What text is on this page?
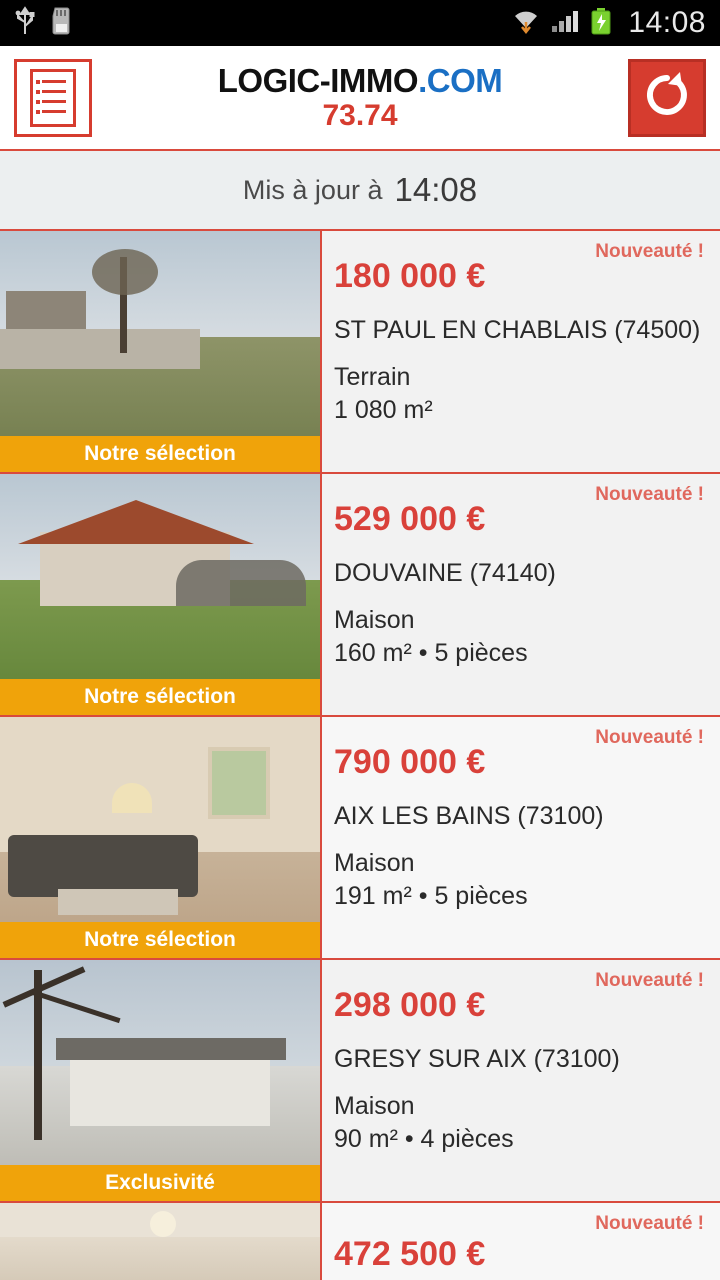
14:08
LOGIC-IMMO.COM
73.74
Mis à jour à 14:08
Notre sélection
Nouveauté !
180 000 €
ST PAUL EN CHABLAIS (74500)
Terrain
1 080 m²
Notre sélection
Nouveauté !
529 000 €
DOUVAINE (74140)
Maison
160 m² • 5 pièces
Notre sélection
Nouveauté !
790 000 €
AIX LES BAINS (73100)
Maison
191 m² • 5 pièces
Exclusivité
Nouveauté !
298 000 €
GRESY SUR AIX (73100)
Maison
90 m² • 4 pièces
Nouveauté !
472 500 €
